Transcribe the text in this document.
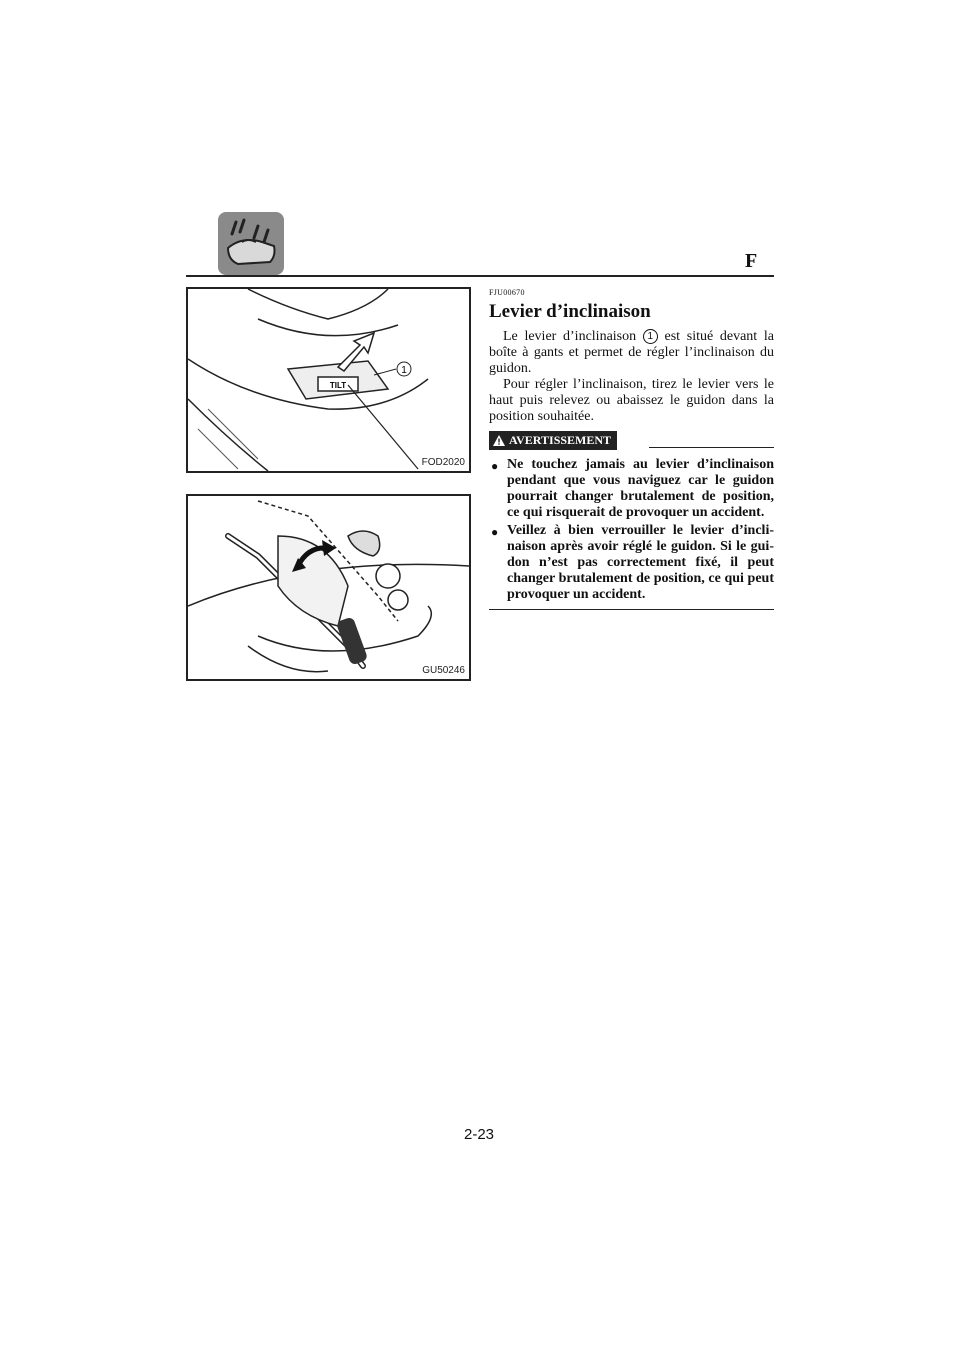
F
TILT
1
FOD2020
GU50246
FJU00670
Levier d’inclinaison

Le levier d’inclinaison 1 est situé devant la boîte à gants et permet de régler l’inclinaison du guidon.

Pour régler l’inclinaison, tirez le levier vers le haut puis relevez ou abaissez le guidon dans la position souhaitée.

AVERTISSEMENT
● Ne touchez jamais au levier d’inclinaison pendant que vous naviguez car le guidon pourrait changer brutalement de position, ce qui risquerait de provoquer un accident.
● Veillez à bien verrouiller le levier d’incli-naison après avoir réglé le guidon. Si le gui-don n’est pas correctement fixé, il peut changer brutalement de position, ce qui peut provoquer un accident.
2-23
